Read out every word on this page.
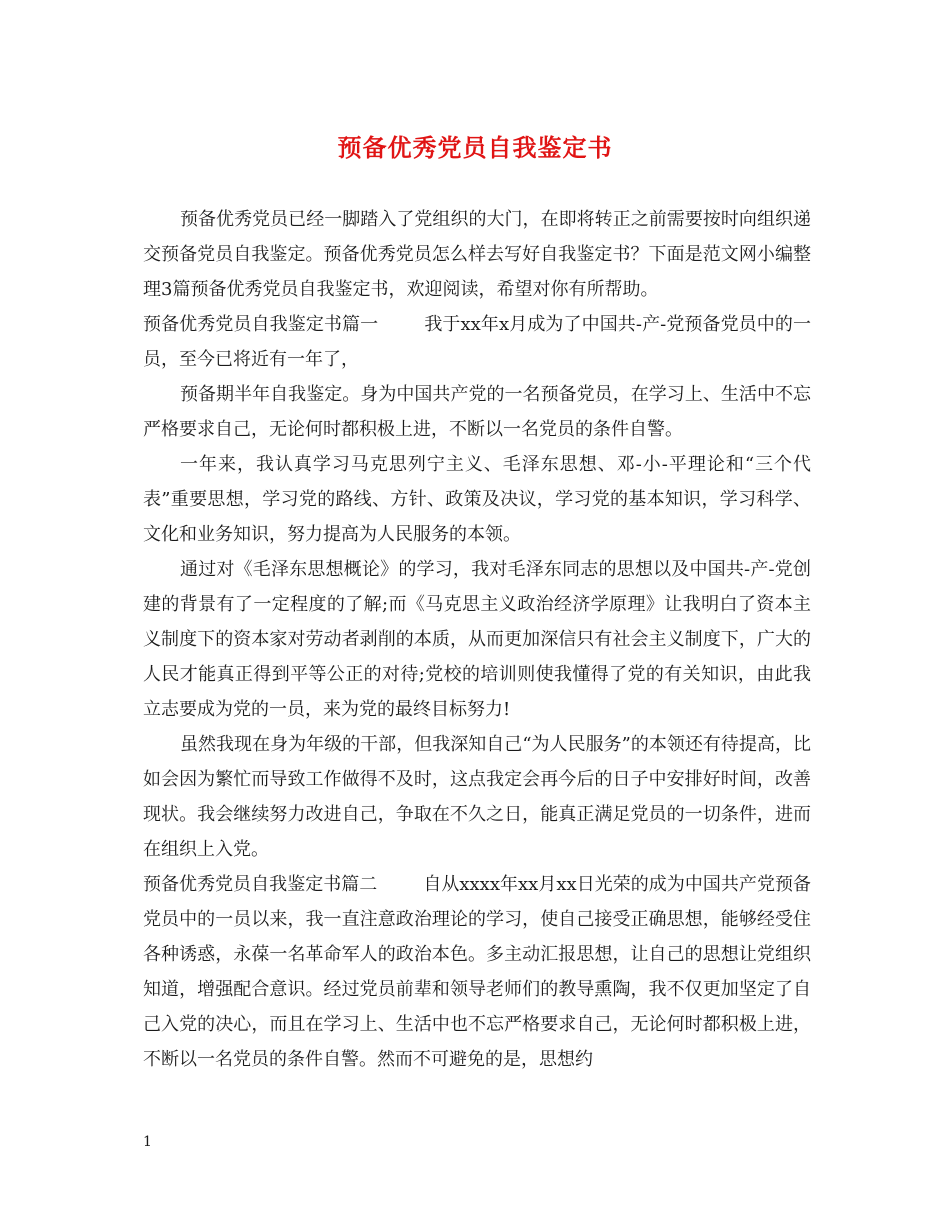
预备优秀党员自我鉴定书

预备优秀党员已经一脚踏入了党组织的大门，在即将转正之前需要按时向组织递交预备党员自我鉴定。预备优秀党员怎么样去写好自我鉴定书？下面是范文网小编整理3篇预备优秀党员自我鉴定书，欢迎阅读，希望对你有所帮助。

预备优秀党员自我鉴定书篇一	我于xx年x月成为了中国共-产-党预备党员中的一员，至今已将近有一年了，

预备期半年自我鉴定。身为中国共产党的一名预备党员，在学习上、生活中不忘严格要求自己，无论何时都积极上进，不断以一名党员的条件自警。

一年来，我认真学习马克思列宁主义、毛泽东思想、邓-小-平理论和“三个代表”重要思想，学习党的路线、方针、政策及决议，学习党的基本知识，学习科学、文化和业务知识，努力提高为人民服务的本领。

通过对《毛泽东思想概论》的学习，我对毛泽东同志的思想以及中国共-产-党创建的背景有了一定程度的了解;而《马克思主义政治经济学原理》让我明白了资本主义制度下的资本家对劳动者剥削的本质，从而更加深信只有社会主义制度下，广大的人民才能真正得到平等公正的对待;党校的培训则使我懂得了党的有关知识，由此我立志要成为党的一员，来为党的最终目标努力!

虽然我现在身为年级的干部，但我深知自己“为人民服务”的本领还有待提高，比如会因为繁忙而导致工作做得不及时，这点我定会再今后的日子中安排好时间，改善现状。我会继续努力改进自己，争取在不久之日，能真正满足党员的一切条件，进而在组织上入党。

预备优秀党员自我鉴定书篇二	自从xxxx年xx月xx日光荣的成为中国共产党预备党员中的一员以来，我一直注意政治理论的学习，使自己接受正确思想，能够经受住各种诱惑，永葆一名革命军人的政治本色。多主动汇报思想，让自己的思想让党组织知道，增强配合意识。经过党员前辈和领导老师们的教导熏陶，我不仅更加坚定了自己入党的决心，而且在学习上、生活中也不忘严格要求自己，无论何时都积极上进，不断以一名党员的条件自警。然而不可避免的是，思想约

1
